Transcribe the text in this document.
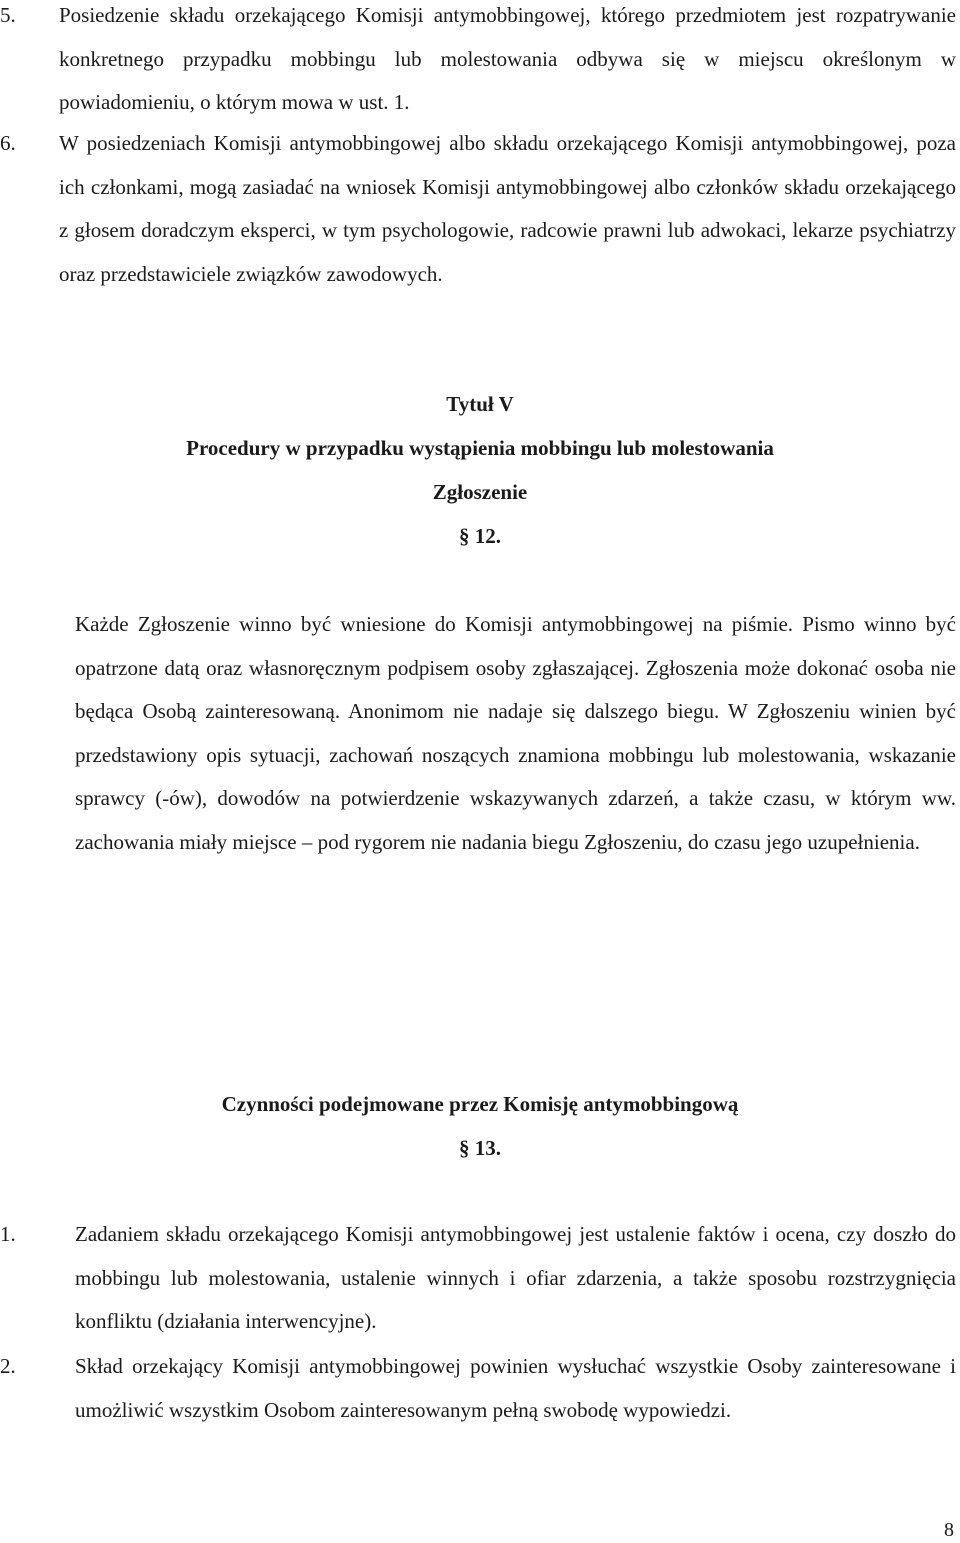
5. Posiedzenie składu orzekającego Komisji antymobbingowej, którego przedmiotem jest rozpatrywanie konkretnego przypadku mobbingu lub molestowania odbywa się w miejscu określonym w powiadomieniu, o którym mowa w ust. 1.
6. W posiedzeniach Komisji antymobbingowej albo składu orzekającego Komisji antymobbingowej, poza ich członkami, mogą zasiadać na wniosek Komisji antymobbingowej albo członków składu orzekającego z głosem doradczym eksperci, w tym psychologowie, radcowie prawni lub adwokaci, lekarze psychiatrzy oraz przedstawiciele związków zawodowych.
Tytuł V
Procedury w przypadku wystąpienia mobbingu lub molestowania
Zgłoszenie
§ 12.
Każde Zgłoszenie winno być wniesione do Komisji antymobbingowej na piśmie. Pismo winno być opatrzone datą oraz własnoręcznym podpisem osoby zgłaszającej. Zgłoszenia może dokonać osoba nie będąca Osobą zainteresowaną. Anonimom nie nadaje się dalszego biegu. W Zgłoszeniu winien być przedstawiony opis sytuacji, zachowań noszących znamiona mobbingu lub molestowania, wskazanie sprawcy (-ów), dowodów na potwierdzenie wskazywanych zdarzeń, a także czasu, w którym ww. zachowania miały miejsce – pod rygorem nie nadania biegu Zgłoszeniu, do czasu jego uzupełnienia.
Czynności podejmowane przez Komisję antymobbingową
§ 13.
1.	Zadaniem składu orzekającego Komisji antymobbingowej jest ustalenie faktów i ocena, czy doszło do mobbingu lub molestowania, ustalenie winnych i ofiar zdarzenia, a także sposobu rozstrzygnięcia konfliktu (działania interwencyjne).
2.	Skład orzekający Komisji antymobbingowej powinien wysłuchać wszystkie Osoby zainteresowane i umożliwić wszystkim Osobom zainteresowanym pełną swobodę wypowiedzi.
8
